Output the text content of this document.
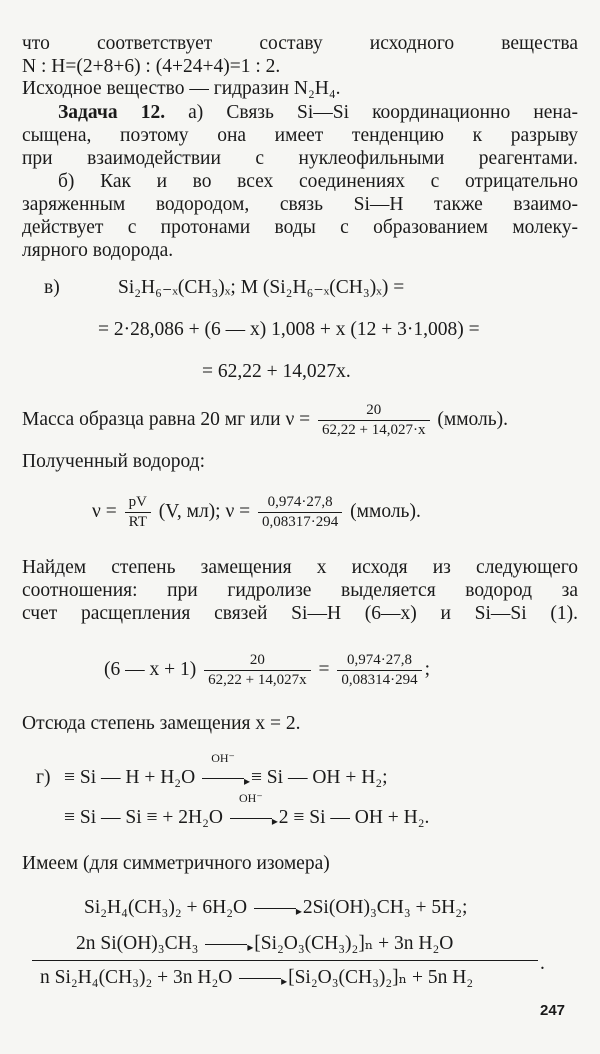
что соответствует составу исходного вещества
N : H=(2+8+6) : (4+24+4)=1 : 2.
Исходное вещество — гидразин N₂H₄.
Задача 12. а) Связь Si—Si координационно нена-
сыщена, поэтому она имеет тенденцию к разрыву
при взаимодействии с нуклеофильными реагентами.
б) Как и во всех соединениях с отрицательно
заряженным водородом, связь Si—H также взаимо-
действует с протонами воды с образованием молеку-
лярного водорода.
в)	Si₂H₆₋ₓ(CH₃)ₓ; M (Si₂H₆₋ₓ(CH₃)ₓ) =
= 2·28,086 + (6 — x) 1,008 + x (12 + 3·1,008) =
= 62,22 + 14,027x.
Масса образца равна 20 мг или $\nu = \frac{20}{62,22 + 14,027\cdot x}$ (ммоль).
Полученный водород:
$\nu = \frac{pV}{RT} (V$, мл); $\nu = \frac{0,974\cdot 27,8}{0,08317\cdot 294}$ (ммоль).
Найдем степень замещения x исходя из следующего
соотношения: при гидролизе выделяется водород за
счет расщепления связей Si—H (6—x) и Si—Si (1).
(6 — $x + 1) \frac{20}{62,22 + 14,027x} = \frac{0,974\cdot 27,8}{0,08314\cdot 294}$ ;
Отсюда степень замещения x = 2.
г) ≡ Si — H + H₂O
OH⁻
▸ ≡ Si — OH + H₂;
≡ Si — Si ≡ + 2H₂O
OH⁻
▸ 2 ≡ Si — OH + H₂.
Имеем (для симметричного изомера)
Si₂H₄(CH₃)₂ + 6H₂O ▸ 2Si(OH)₃CH₃ + 5H₂;
2n Si(OH)₃CH₃ ▸ [Si₂O₃(CH₃)₂]ₙ + 3n H₂O
n Si₂H₄(CH₃)₂ + 3n H₂O ▸ [Si₂O₃(CH₃)₂]ₙ + 5n H₂
.
247
